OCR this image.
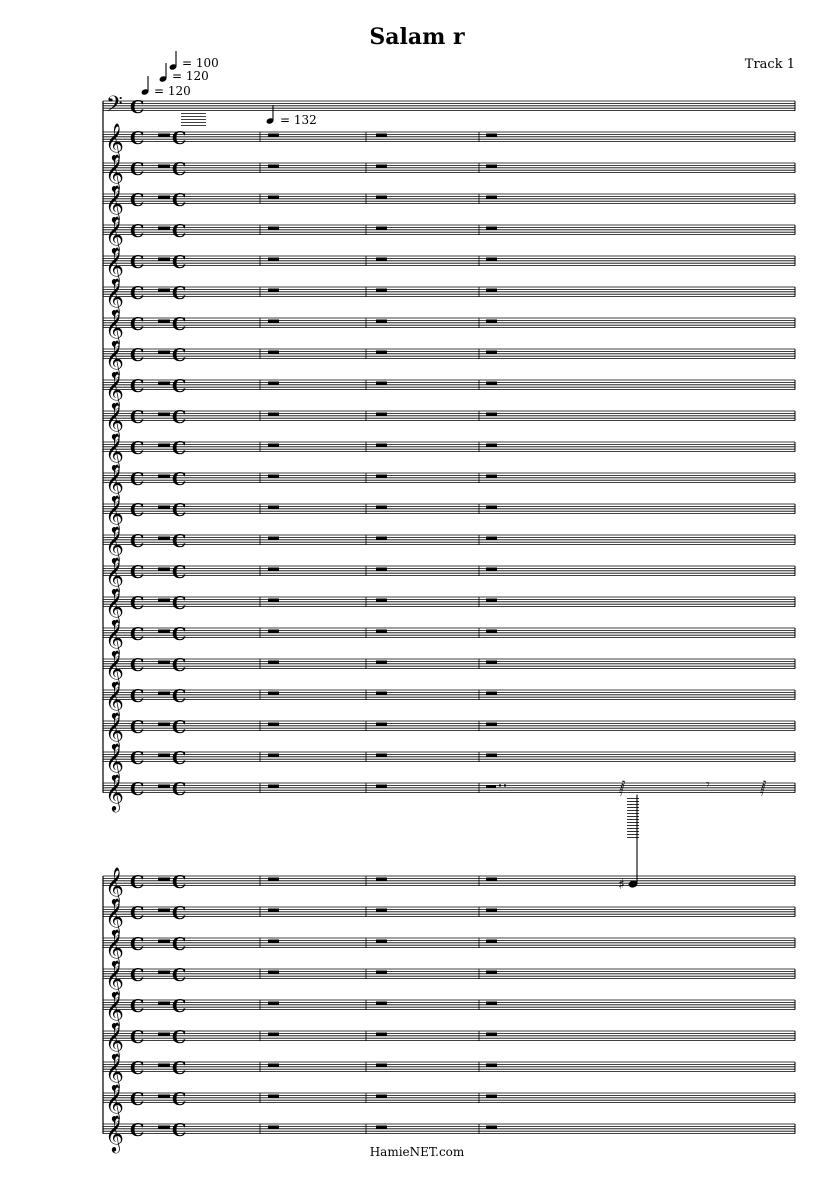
Salam r
Track 1
= 100
= 120
= 120
= 132
𝄢 C
𝄞 C C
𝄞 C C
𝄞 C C
𝄞 C C
𝄞 C C
𝄞 C C
𝄞 C C
𝄞 C C
𝄞 C C
𝄞 C C
𝄞 C C
𝄞 C C
𝄞 C C
𝄞 C C
𝄞 C C
𝄞 C C
𝄞 C C
𝄞 C C
𝄞 C C
𝄞 C C
𝄞 C C
𝄞 C C	𝅂	𝄾	𝅂
♯
𝄞 C C
𝄞 C C
𝄞 C C
𝄞 C C
𝄞 C C
𝄞 C C
𝄞 C C
𝄞 C C
𝄞 C C
HamieNET.com
